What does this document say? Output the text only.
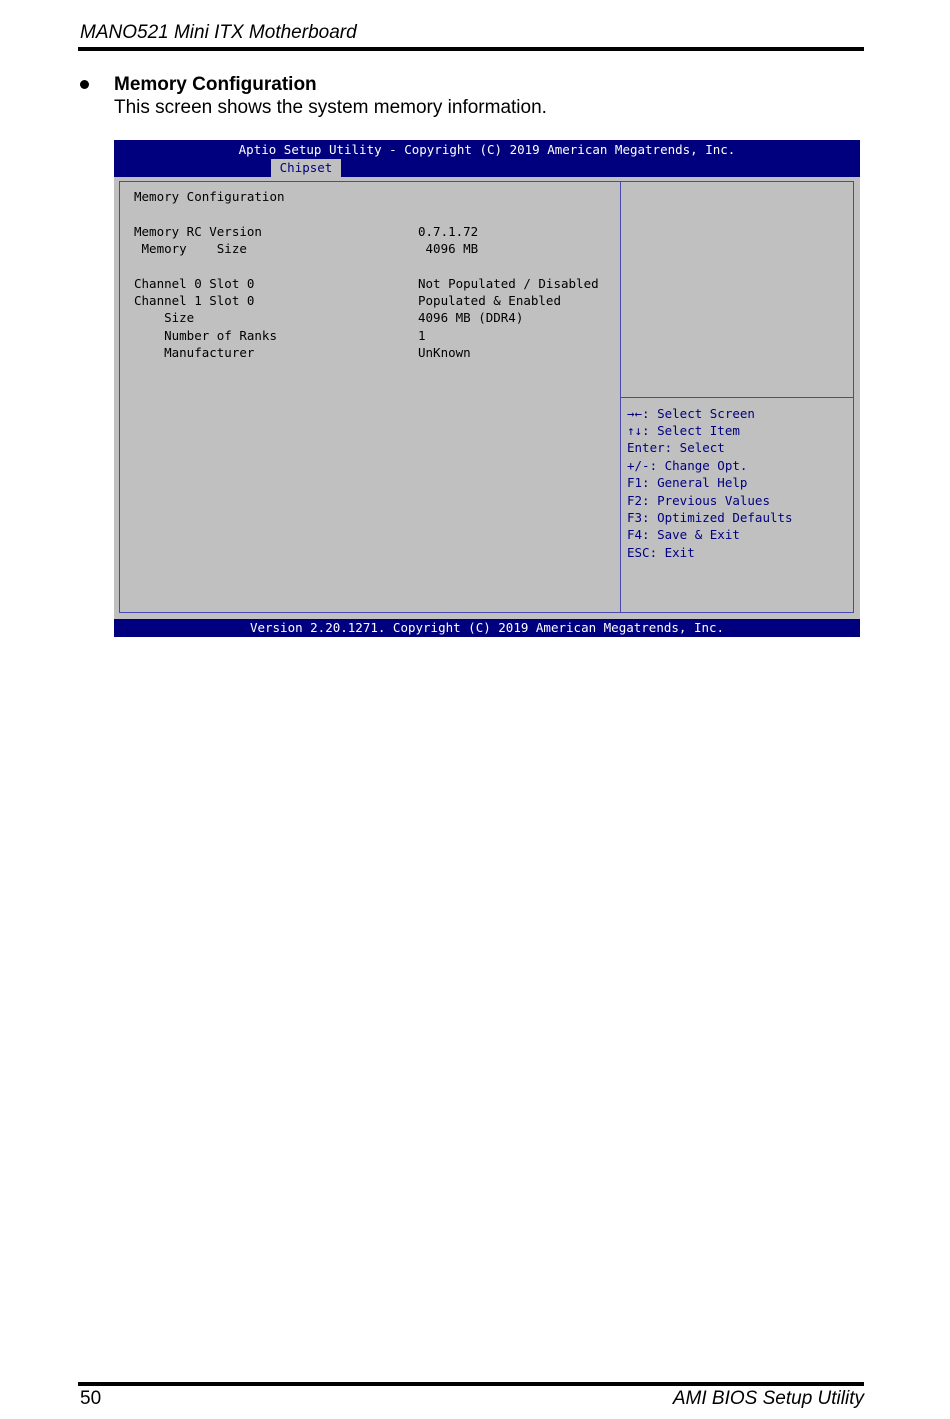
MANO521 Mini ITX Motherboard
Memory Configuration
This screen shows the system memory information.
Aptio Setup Utility - Copyright (C) 2019 American Megatrends, Inc.
Chipset
Memory Configuration
Memory RC Version	0.7.1.72
Memory    Size	4096 MB
Channel 0 Slot 0	Not Populated / Disabled
Channel 1 Slot 0	Populated & Enabled
Size	4096 MB (DDR4)
Number of Ranks	1
Manufacturer	UnKnown
→←: Select Screen
↑↓: Select Item
Enter: Select
+/-: Change Opt.
F1: General Help
F2: Previous Values
F3: Optimized Defaults
F4: Save & Exit
ESC: Exit
Version 2.20.1271. Copyright (C) 2019 American Megatrends, Inc.
50	AMI BIOS Setup Utility
